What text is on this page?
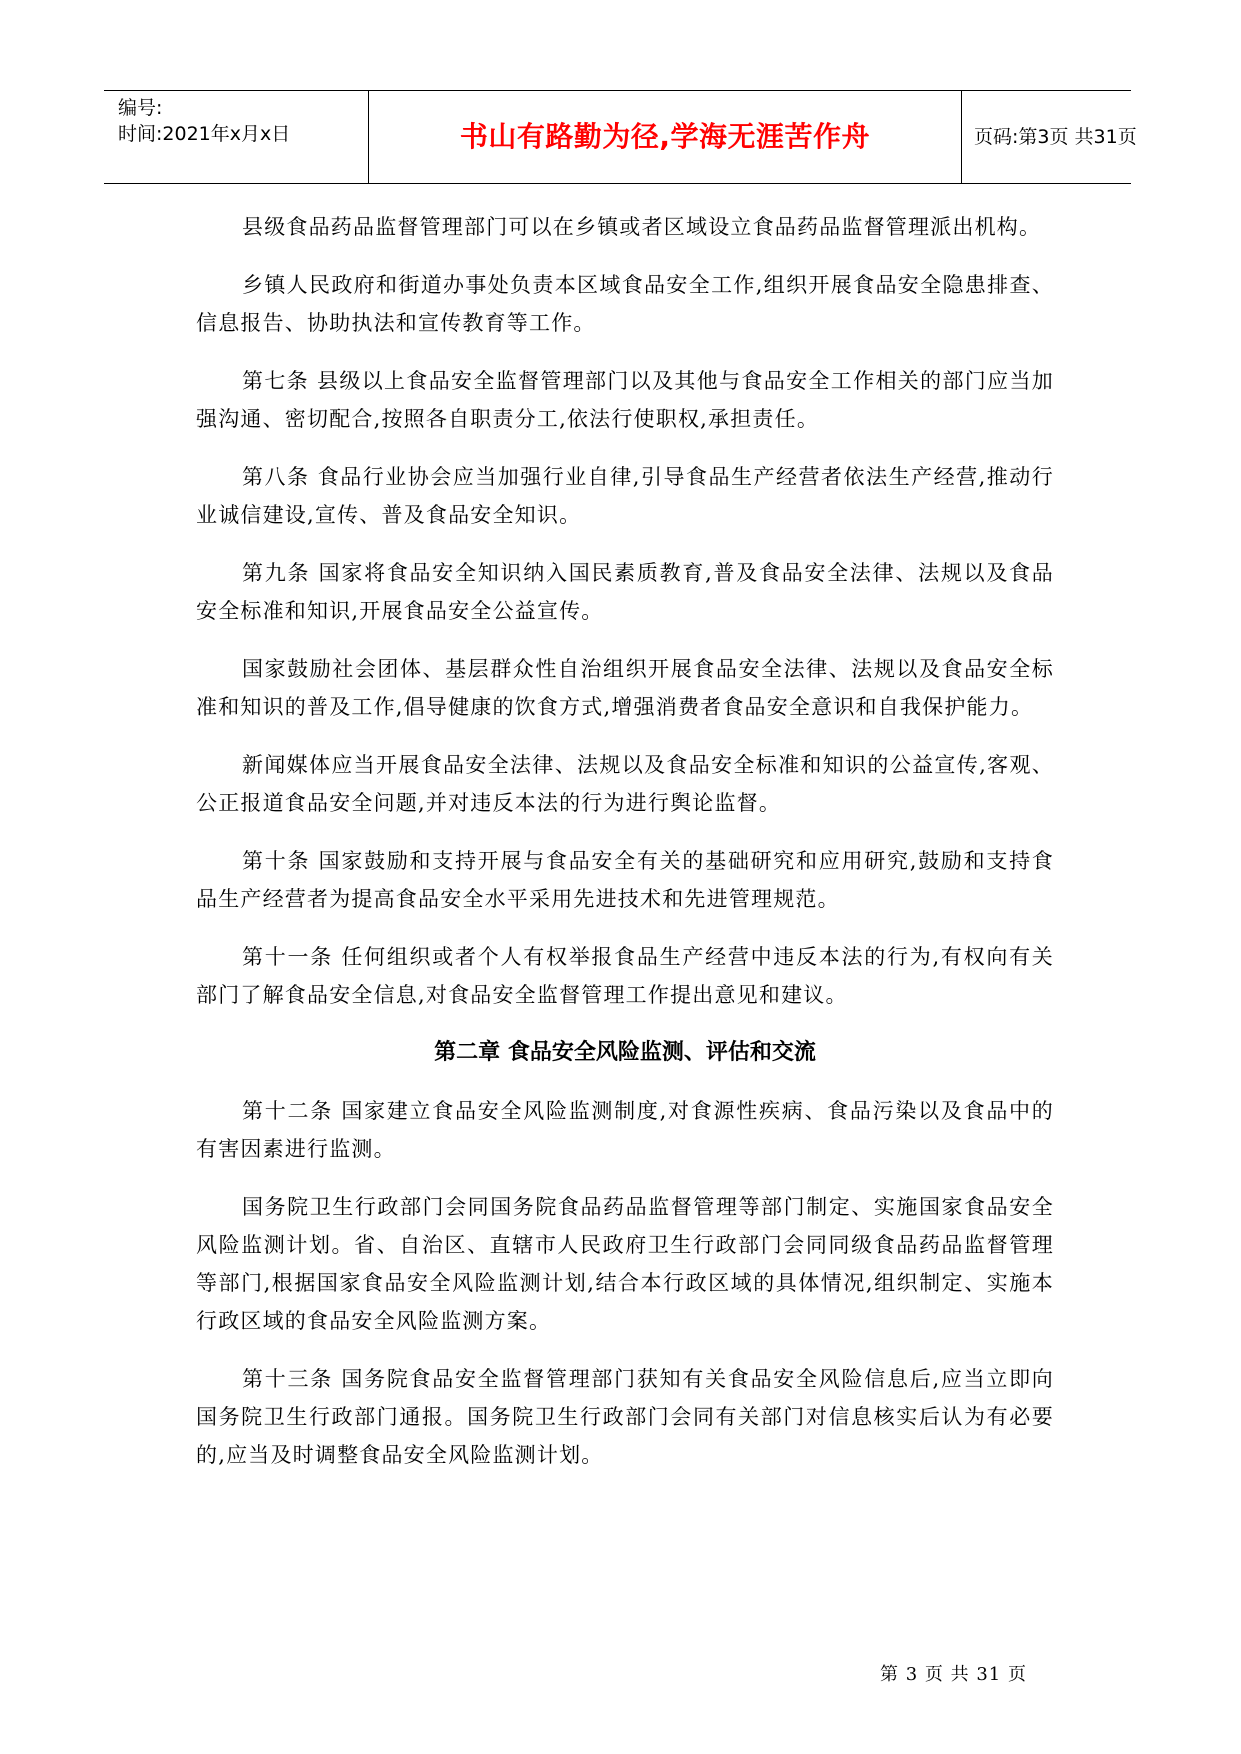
编号:
时间:2021年x月x日	书山有路勤为径,学海无涯苦作舟	页码:第3页 共31页

县级食品药品监督管理部门可以在乡镇或者区域设立食品药品监督管理派出机构。

乡镇人民政府和街道办事处负责本区域食品安全工作,组织开展食品安全隐患排查、信息报告、协助执法和宣传教育等工作。

第七条 县级以上食品安全监督管理部门以及其他与食品安全工作相关的部门应当加强沟通、密切配合,按照各自职责分工,依法行使职权,承担责任。

第八条 食品行业协会应当加强行业自律,引导食品生产经营者依法生产经营,推动行业诚信建设,宣传、普及食品安全知识。

第九条 国家将食品安全知识纳入国民素质教育,普及食品安全法律、法规以及食品安全标准和知识,开展食品安全公益宣传。

国家鼓励社会团体、基层群众性自治组织开展食品安全法律、法规以及食品安全标准和知识的普及工作,倡导健康的饮食方式,增强消费者食品安全意识和自我保护能力。

新闻媒体应当开展食品安全法律、法规以及食品安全标准和知识的公益宣传,客观、公正报道食品安全问题,并对违反本法的行为进行舆论监督。

第十条 国家鼓励和支持开展与食品安全有关的基础研究和应用研究,鼓励和支持食品生产经营者为提高食品安全水平采用先进技术和先进管理规范。

第十一条 任何组织或者个人有权举报食品生产经营中违反本法的行为,有权向有关部门了解食品安全信息,对食品安全监督管理工作提出意见和建议。

第二章 食品安全风险监测、评估和交流

第十二条 国家建立食品安全风险监测制度,对食源性疾病、食品污染以及食品中的有害因素进行监测。

国务院卫生行政部门会同国务院食品药品监督管理等部门制定、实施国家食品安全风险监测计划。省、自治区、直辖市人民政府卫生行政部门会同同级食品药品监督管理等部门,根据国家食品安全风险监测计划,结合本行政区域的具体情况,组织制定、实施本行政区域的食品安全风险监测方案。

第十三条 国务院食品安全监督管理部门获知有关食品安全风险信息后,应当立即向国务院卫生行政部门通报。国务院卫生行政部门会同有关部门对信息核实后认为有必要的,应当及时调整食品安全风险监测计划。

第 3 页 共 31 页
